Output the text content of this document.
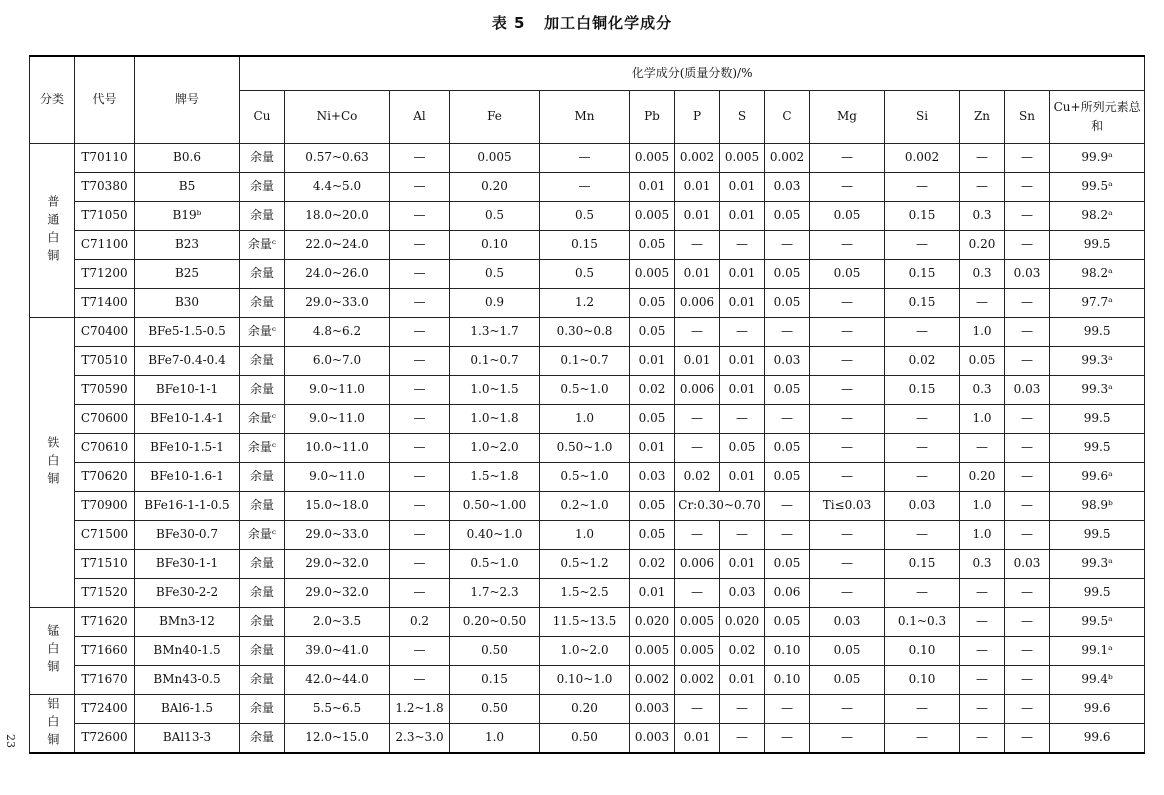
表 5   加工白铜化学成分
23
分类	代号	牌号	化学成分(质量分数)/%													
			Cu	Ni+Co	Al	Fe	Mn	Pb	P	S	C	Mg	Si	Zn	Sn	Cu+所列元素总和
普通白铜	T70110	B0.6	余量	0.57~0.63	—	0.005	—	0.005	0.002	0.005	0.002	—	0.002	—	—	99.9ᵃ
	T70380	B5	余量	4.4~5.0	—	0.20	—	0.01	0.01	0.01	0.03	—	—	—	—	99.5ᵃ
	T71050	B19ᵇ	余量	18.0~20.0	—	0.5	0.5	0.005	0.01	0.01	0.05	0.05	0.15	0.3	—	98.2ᵃ
	C71100	B23	余量ᶜ	22.0~24.0	—	0.10	0.15	0.05	—	—	—	—	—	0.20	—	99.5
	T71200	B25	余量	24.0~26.0	—	0.5	0.5	0.005	0.01	0.01	0.05	0.05	0.15	0.3	0.03	98.2ᵃ
	T71400	B30	余量	29.0~33.0	—	0.9	1.2	0.05	0.006	0.01	0.05	—	0.15	—	—	97.7ᵃ
铁白铜	C70400	BFe5-1.5-0.5	余量ᶜ	4.8~6.2	—	1.3~1.7	0.30~0.8	0.05	—	—	—	—	—	1.0	—	99.5
	T70510	BFe7-0.4-0.4	余量	6.0~7.0	—	0.1~0.7	0.1~0.7	0.01	0.01	0.01	0.03	—	0.02	0.05	—	99.3ᵃ
	T70590	BFe10-1-1	余量	9.0~11.0	—	1.0~1.5	0.5~1.0	0.02	0.006	0.01	0.05	—	0.15	0.3	0.03	99.3ᵃ
	C70600	BFe10-1.4-1	余量ᶜ	9.0~11.0	—	1.0~1.8	1.0	0.05	—	—	—	—	—	1.0	—	99.5
	C70610	BFe10-1.5-1	余量ᶜ	10.0~11.0	—	1.0~2.0	0.50~1.0	0.01	—	0.05	0.05	—	—	—	—	99.5
	T70620	BFe10-1.6-1	余量	9.0~11.0	—	1.5~1.8	0.5~1.0	0.03	0.02	0.01	0.05	—	—	0.20	—	99.6ᵃ
	T70900	BFe16-1-1-0.5	余量	15.0~18.0	—	0.50~1.00	0.2~1.0	0.05	Cr:0.30~0.70		—	Ti≤0.03	0.03	1.0	—	98.9ᵇ
	C71500	BFe30-0.7	余量ᶜ	29.0~33.0	—	0.40~1.0	1.0	0.05	—	—	—	—	—	1.0	—	99.5
	T71510	BFe30-1-1	余量	29.0~32.0	—	0.5~1.0	0.5~1.2	0.02	0.006	0.01	0.05	—	0.15	0.3	0.03	99.3ᵃ
	T71520	BFe30-2-2	余量	29.0~32.0	—	1.7~2.3	1.5~2.5	0.01	—	0.03	0.06	—	—	—	—	99.5
锰白铜	T71620	BMn3-12	余量	2.0~3.5	0.2	0.20~0.50	11.5~13.5	0.020	0.005	0.020	0.05	0.03	0.1~0.3	—	—	99.5ᵃ
	T71660	BMn40-1.5	余量	39.0~41.0	—	0.50	1.0~2.0	0.005	0.005	0.02	0.10	0.05	0.10	—	—	99.1ᵃ
	T71670	BMn43-0.5	余量	42.0~44.0	—	0.15	0.10~1.0	0.002	0.002	0.01	0.10	0.05	0.10	—	—	99.4ᵇ
铝白铜	T72400	BAl6-1.5	余量	5.5~6.5	1.2~1.8	0.50	0.20	0.003	—	—	—	—	—	—	—	99.6
	T72600	BAl13-3	余量	12.0~15.0	2.3~3.0	1.0	0.50	0.003	0.01	—	—	—	—	—	—	99.6
